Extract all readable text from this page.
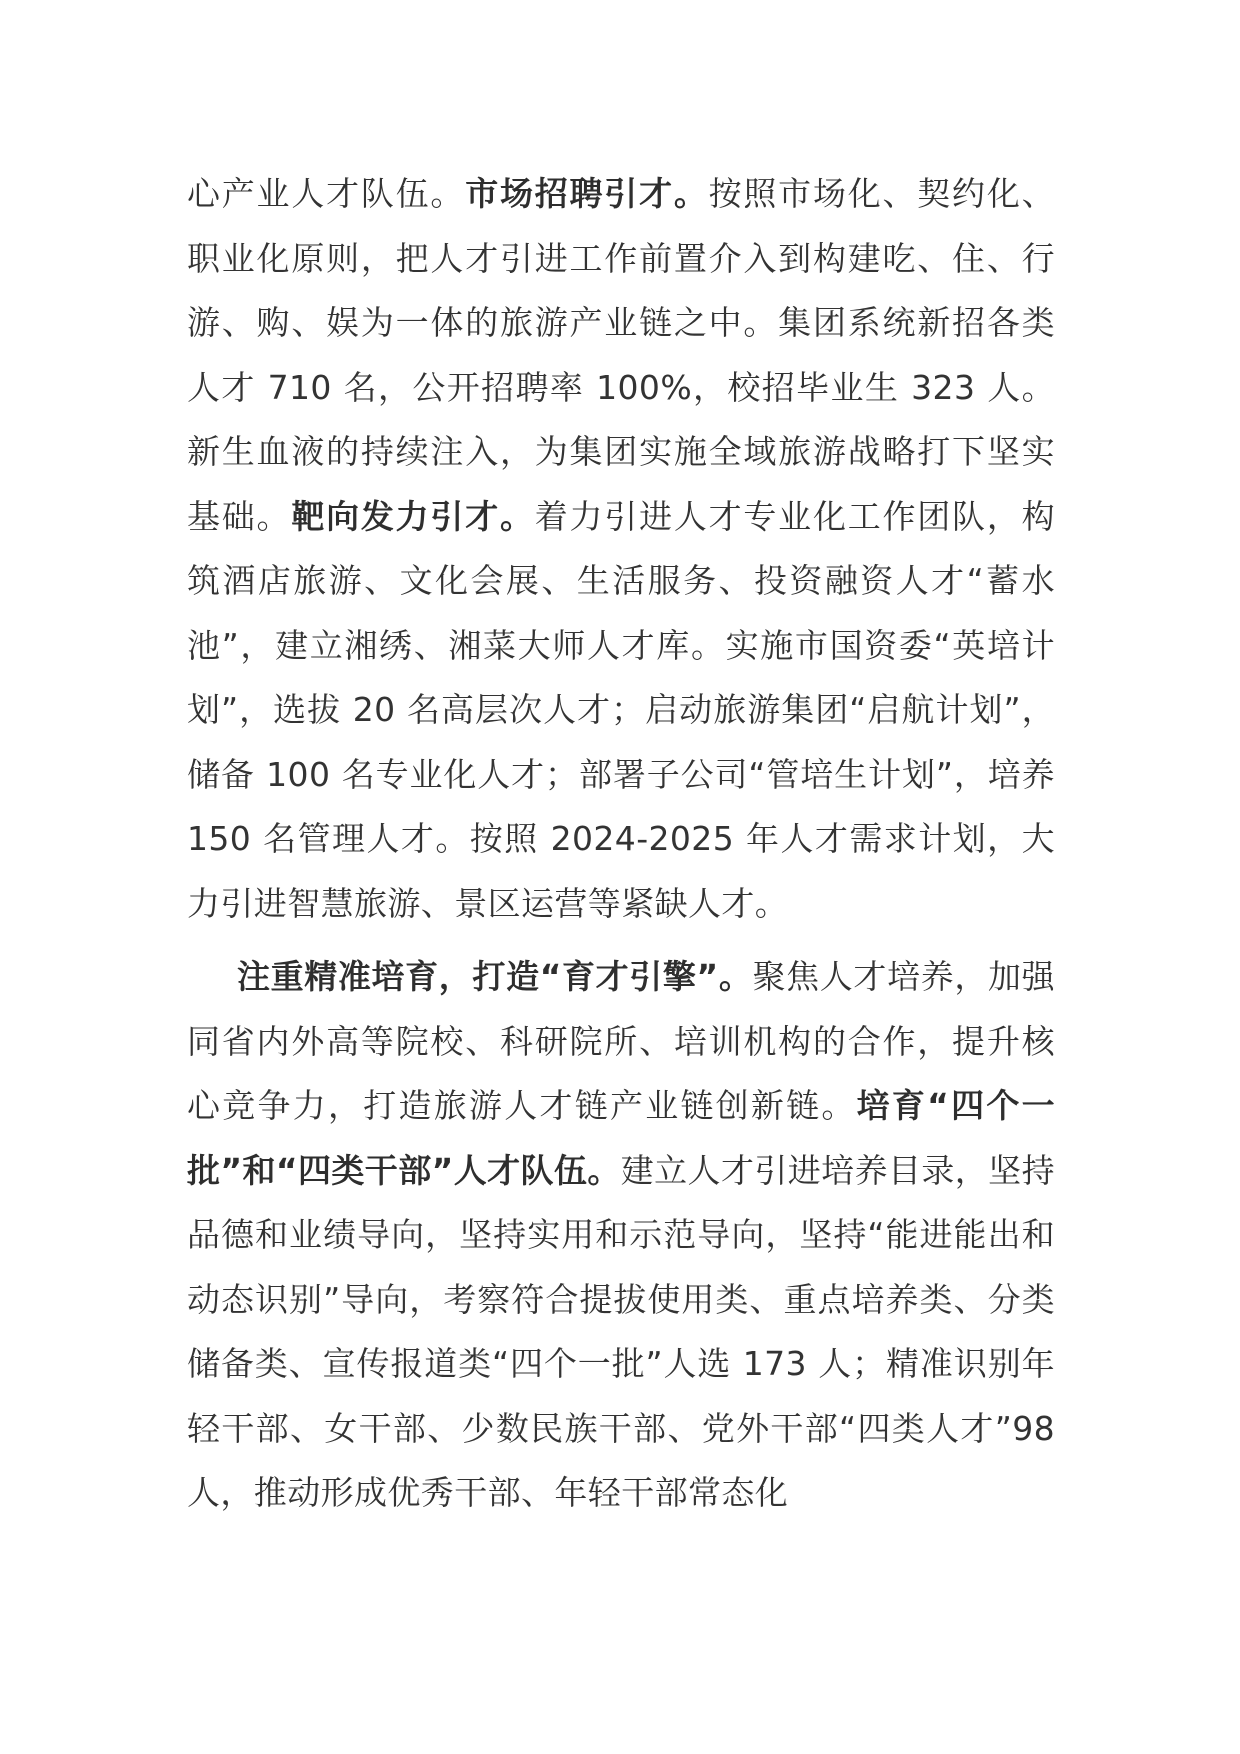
心产业人才队伍。市场招聘引才。按照市场化、契约化、职业化原则，把人才引进工作前置介入到构建吃、住、行游、购、娱为一体的旅游产业链之中。集团系统新招各类人才 710 名，公开招聘率 100%，校招毕业生 323 人。新生血液的持续注入，为集团实施全域旅游战略打下坚实基础。靶向发力引才。着力引进人才专业化工作团队，构筑酒店旅游、文化会展、生活服务、投资融资人才“蓄水池”，建立湘绣、湘菜大师人才库。实施市国资委“英培计划”，选拔 20 名高层次人才；启动旅游集团“启航计划”，储备 100 名专业化人才；部署子公司“管培生计划”，培养 150 名管理人才。按照 2024-2025 年人才需求计划，大力引进智慧旅游、景区运营等紧缺人才。

注重精准培育，打造“育才引擎”。聚焦人才培养，加强同省内外高等院校、科研院所、培训机构的合作，提升核心竞争力，打造旅游人才链产业链创新链。培育“四个一批”和“四类干部”人才队伍。建立人才引进培养目录，坚持品德和业绩导向，坚持实用和示范导向，坚持“能进能出和动态识别”导向，考察符合提拔使用类、重点培养类、分类储备类、宣传报道类“四个一批”人选 173 人；精准识别年轻干部、女干部、少数民族干部、党外干部“四类人才”98 人，推动形成优秀干部、年轻干部常态化
